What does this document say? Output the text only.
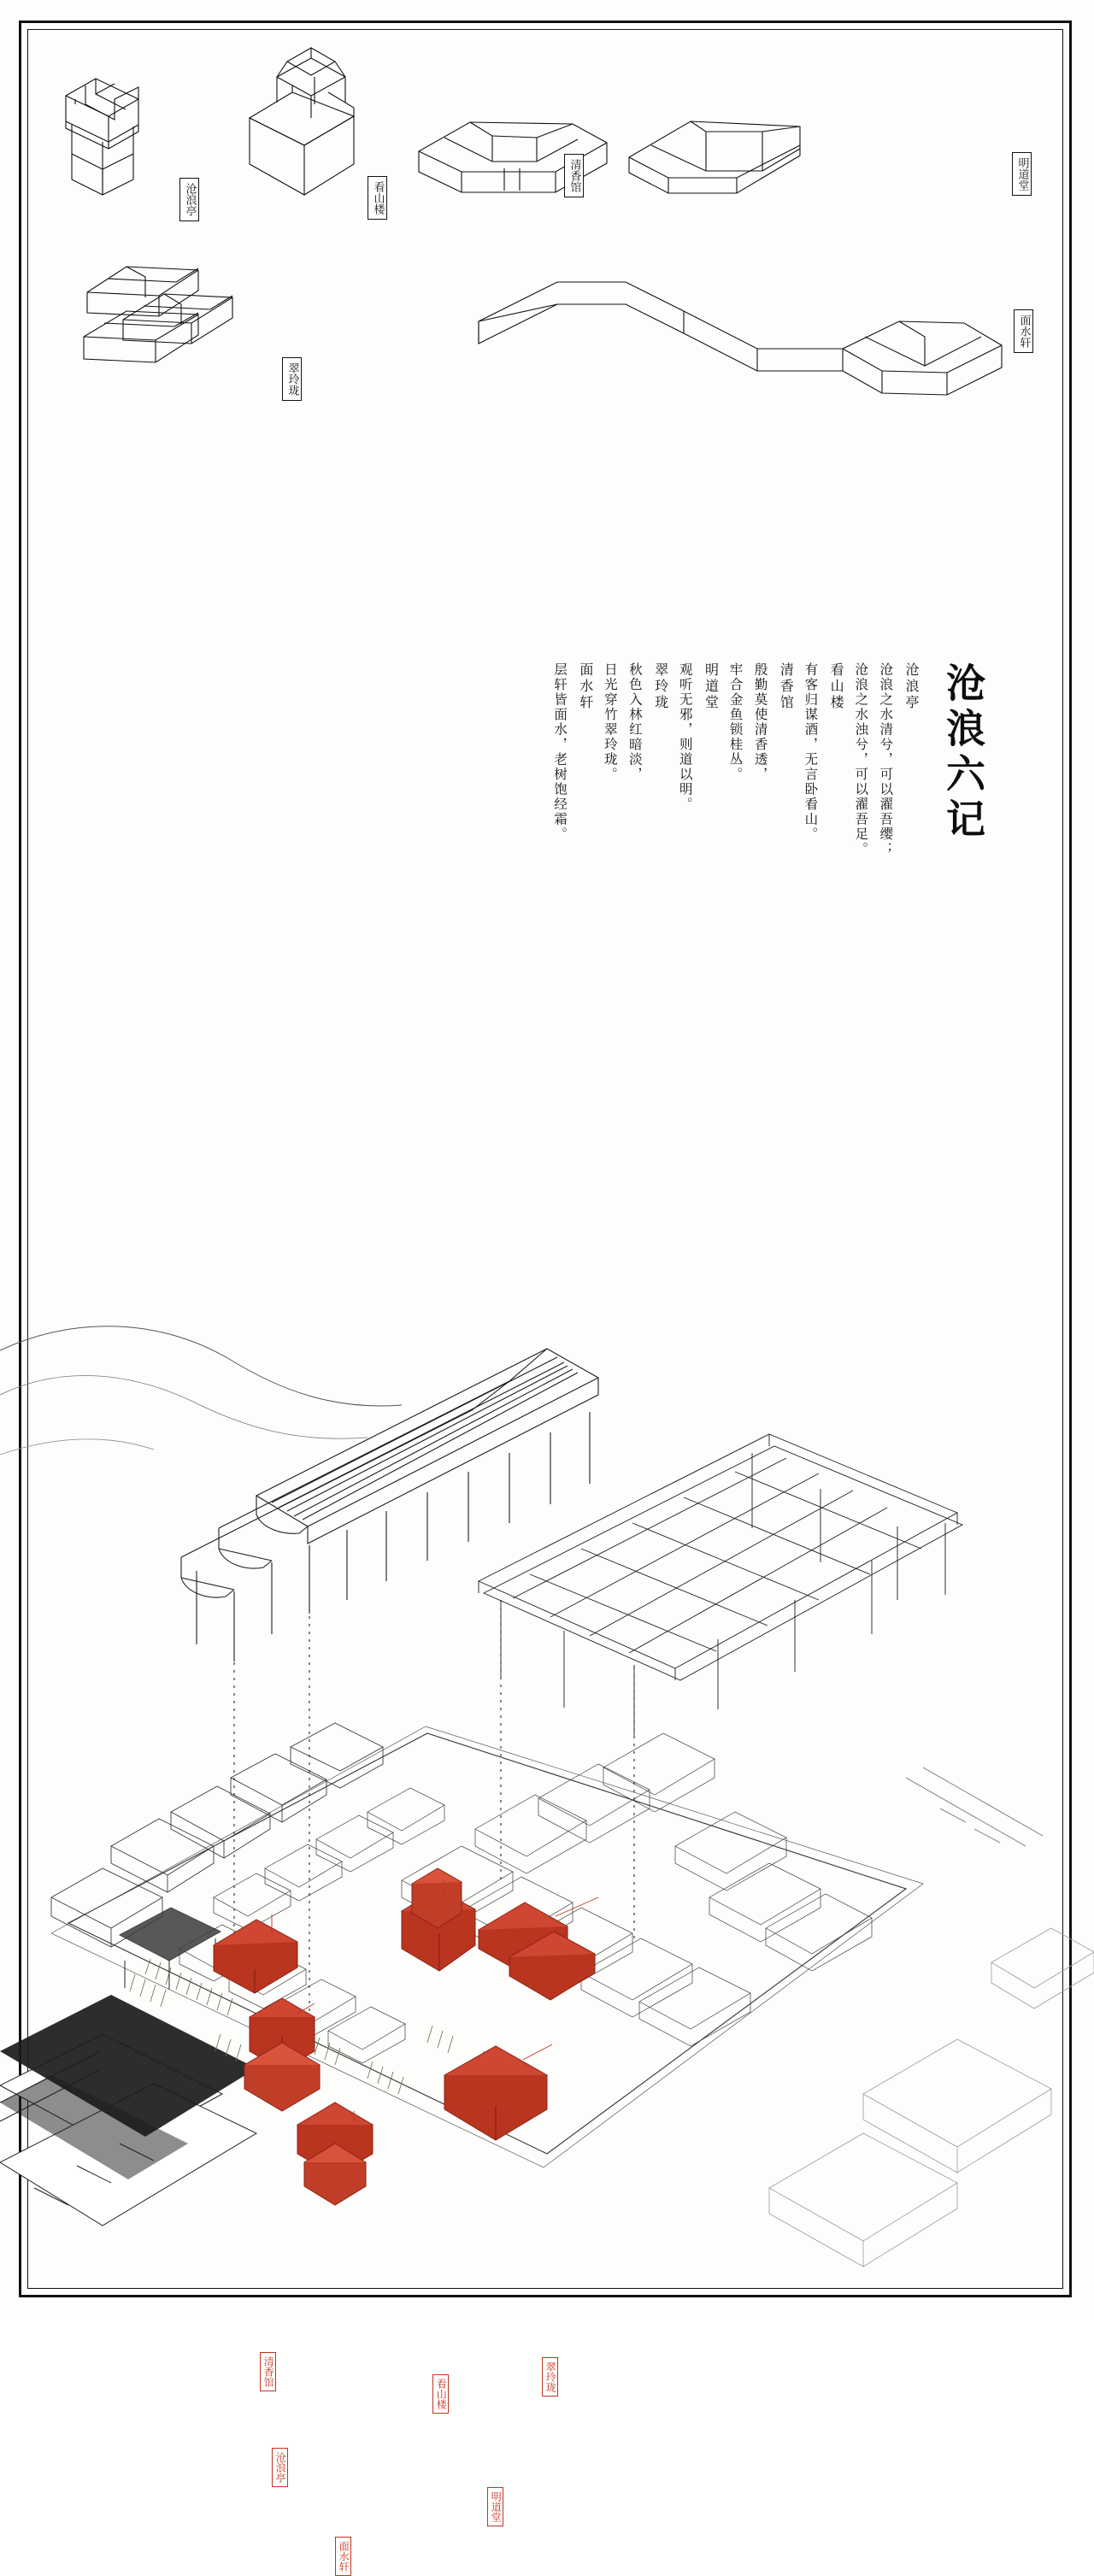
沧浪亭	看山楼
清香馆	明道堂
翠玲珑
面水轩
沧浪六记
沧浪亭
沧浪之水清兮，可以濯吾缨；
沧浪之水浊兮，可以濯吾足。
看山楼
有客归谋酒，无言卧看山。
清香馆
殷勤莫使清香透，
牢合金鱼锁桂丛。
明道堂
观听无邪，则道以明。
翠玲珑
秋色入林红暗淡，
日光穿竹翠玲珑。
面水轩
层轩皆面水，老树饱经霜。
清香馆
看山楼
翠玲珑
沧浪亭
明道堂
面水轩
